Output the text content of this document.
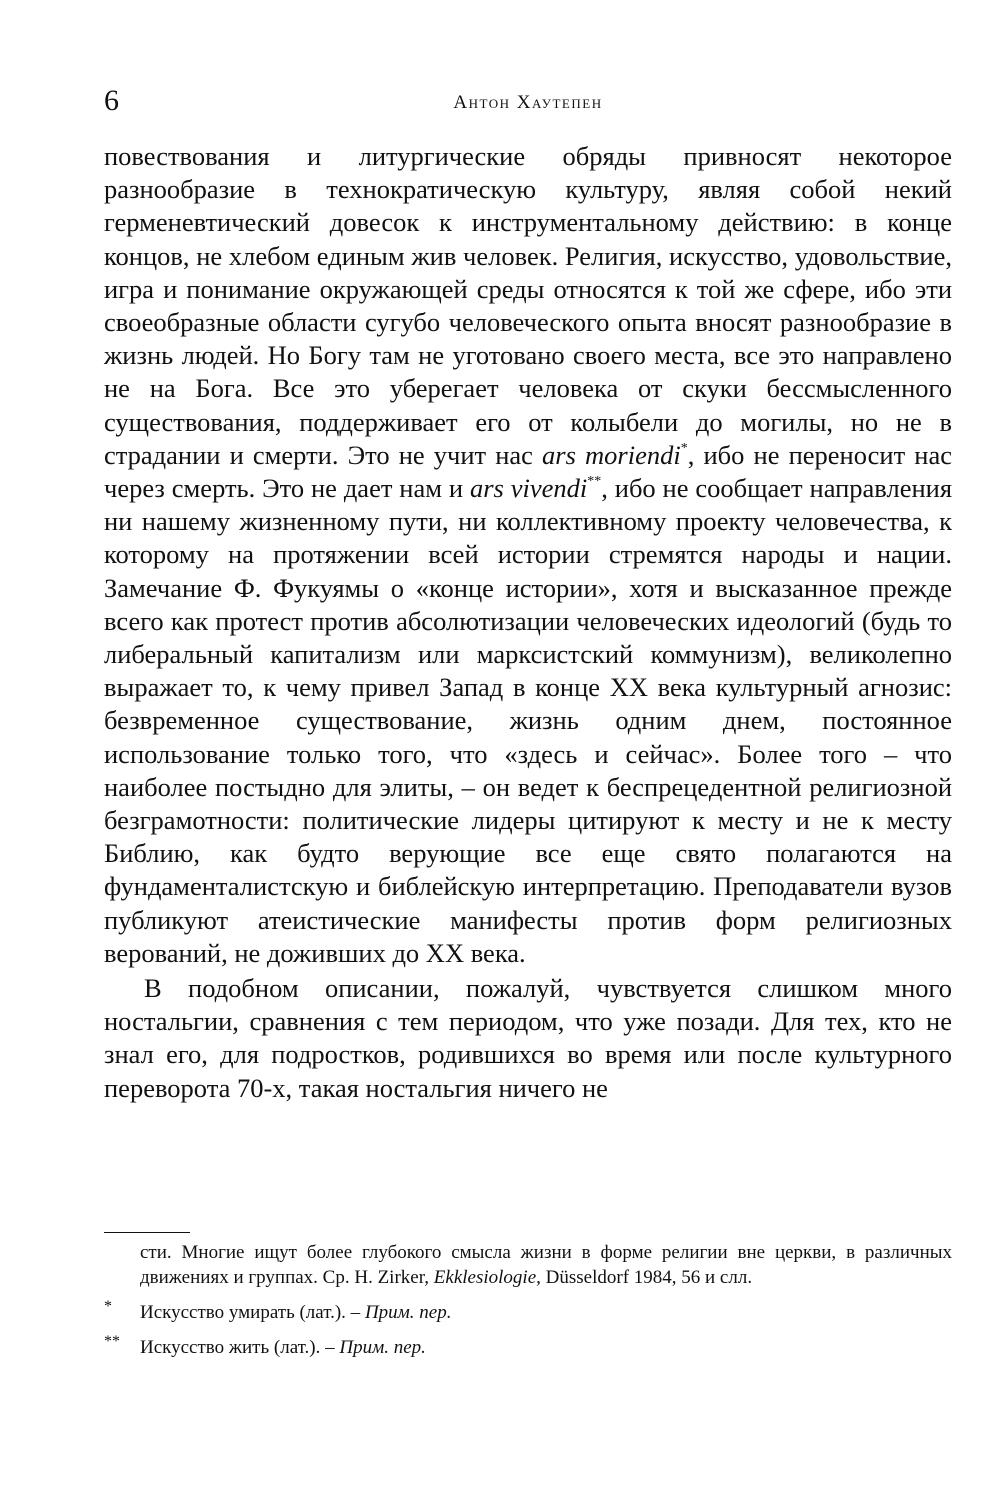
6	Антон Хаутепен

повествования и литургические обряды привносят некоторое разнообразие в технократическую культуру, являя собой некий герменевтический довесок к инструментальному действию: в конце концов, не хлебом единым жив человек. Религия, искусство, удовольствие, игра и понимание окружающей среды относятся к той же сфере, ибо эти своеобразные области сугубо человеческого опыта вносят разнообразие в жизнь людей. Но Богу там не уготовано своего места, все это направлено не на Бога. Все это уберегает человека от скуки бессмысленного существования, поддерживает его от колыбели до могилы, но не в страдании и смерти. Это не учит нас ars moriendi*, ибо не переносит нас через смерть. Это не дает нам и ars vivendi**, ибо не сообщает направления ни нашему жизненному пути, ни коллективному проекту человечества, к которому на протяжении всей истории стремятся народы и нации. Замечание Ф. Фукуямы о «конце истории», хотя и высказанное прежде всего как протест против абсолютизации человеческих идеологий (будь то либеральный капитализм или марксистский коммунизм), великолепно выражает то, к чему привел Запад в конце XX века культурный агнозис: безвременное существование, жизнь одним днем, постоянное использование только того, что «здесь и сейчас». Более того – что наиболее постыдно для элиты, – он ведет к беспрецедентной религиозной безграмотности: политические лидеры цитируют к месту и не к месту Библию, как будто верующие все еще свято полагаются на фундаменталистскую и библейскую интерпретацию. Преподаватели вузов публикуют атеистические манифесты против форм религиозных верований, не доживших до XX века.

В подобном описании, пожалуй, чувствуется слишком много ностальгии, сравнения с тем периодом, что уже позади. Для тех, кто не знал его, для подростков, родившихся во время или после культурного переворота 70-х, такая ностальгия ничего не

сти. Многие ищут более глубокого смысла жизни в форме религии вне церкви, в различных движениях и группах. Ср. H. Zirker, Ekklesiologie, Düsseldorf 1984, 56 и слл.

* Искусство умирать (лат.). – Прим. пер.

** Искусство жить (лат.). – Прим. пер.
